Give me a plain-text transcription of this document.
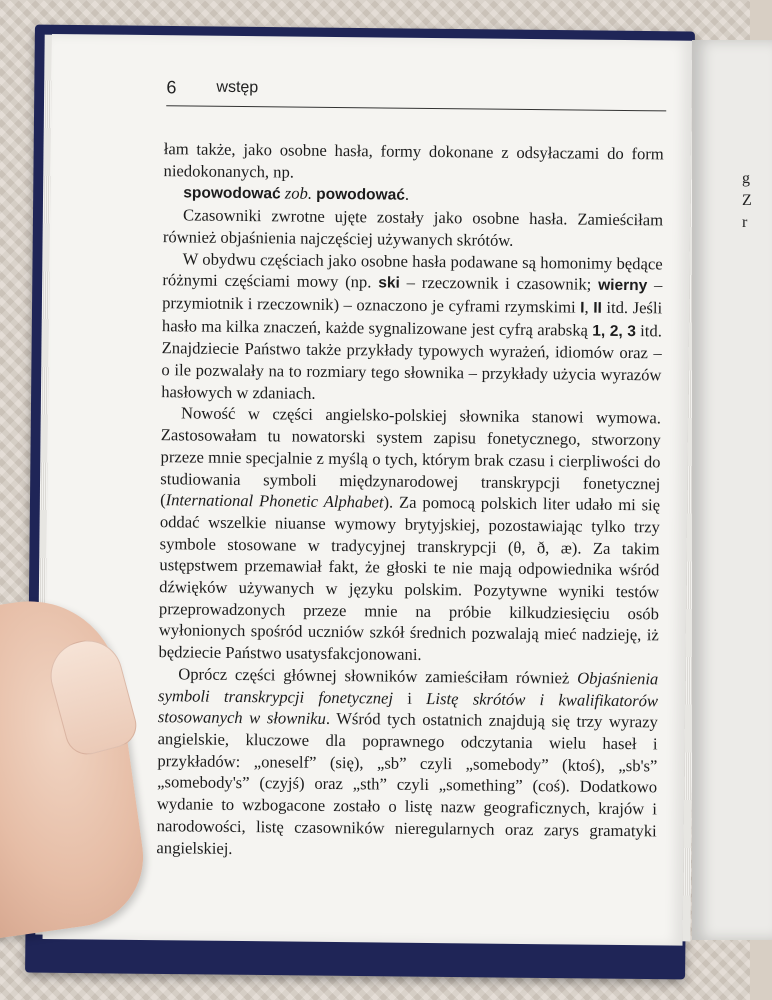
g
Z
r
6 wstęp

łam także, jako osobne hasła, formy dokonane z odsyłaczami do form niedokonanych, np.

spowodować zob. powodować.

Czasowniki zwrotne ujęte zostały jako osobne hasła. Zamieściłam również objaśnienia najczęściej używanych skrótów.

W obydwu częściach jako osobne hasła podawane są homonimy będące różnymi częściami mowy (np. ski – rzeczownik i czasownik; wierny – przymiotnik i rzeczownik) – oznaczono je cyframi rzymskimi I, II itd. Jeśli hasło ma kilka znaczeń, każde sygnalizowane jest cyfrą arabską 1, 2, 3 itd. Znajdziecie Państwo także przykłady typowych wyrażeń, idiomów oraz – o ile pozwalały na to rozmiary tego słownika – przykłady użycia wyrazów hasłowych w zdaniach.

Nowość w części angielsko-polskiej słownika stanowi wymowa. Zastosowałam tu nowatorski system zapisu fonetycznego, stworzony przeze mnie specjalnie z myślą o tych, którym brak czasu i cierpliwości do studiowania symboli międzynarodowej transkrypcji fonetycznej (International Phonetic Alphabet). Za pomocą polskich liter udało mi się oddać wszelkie niuanse wymowy brytyjskiej, pozostawiając tylko trzy symbole stosowane w tradycyjnej transkrypcji (θ, ð, æ). Za takim ustępstwem przemawiał fakt, że głoski te nie mają odpowiednika wśród dźwięków używanych w języku polskim. Pozytywne wyniki testów przeprowadzonych przeze mnie na próbie kilkudziesięciu osób wyłonionych spośród uczniów szkół średnich pozwalają mieć nadzieję, iż będziecie Państwo usatysfakcjonowani.

Oprócz części głównej słowników zamieściłam również Objaśnienia symboli transkrypcji fonetycznej i Listę skrótów i kwalifikatorów stosowanych w słowniku. Wśród tych ostatnich znajdują się trzy wyrazy angielskie, kluczowe dla poprawnego odczytania wielu haseł i przykładów: „oneself” (się), „sb” czyli „somebody” (ktoś), „sb's” „somebody's” (czyjś) oraz „sth” czyli „something” (coś). Dodatkowo wydanie to wzbogacone zostało o listę nazw geograficznych, krajów i narodowości, listę czasowników nieregularnych oraz zarys gramatyki angielskiej.
